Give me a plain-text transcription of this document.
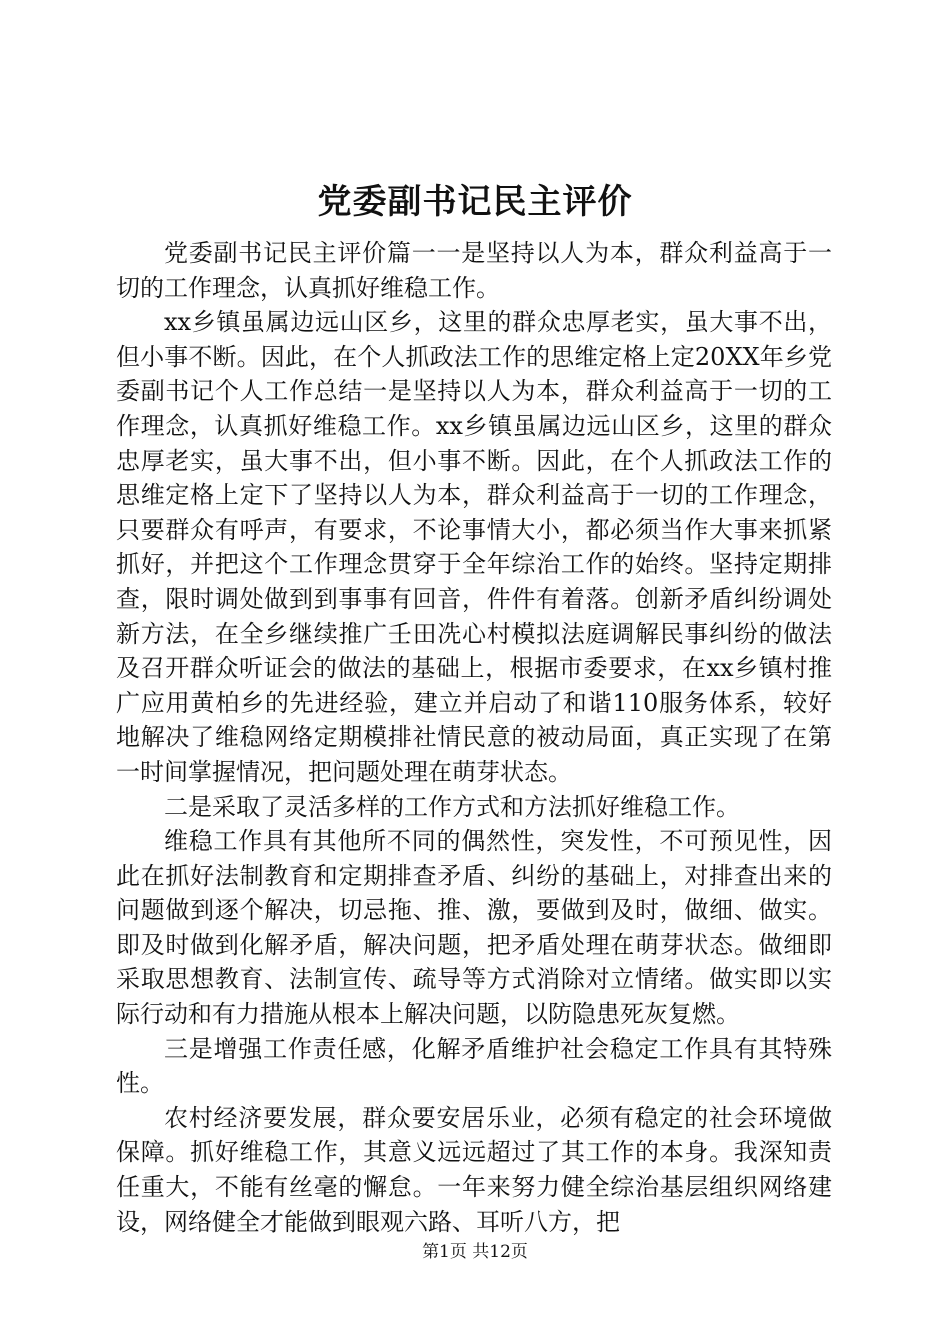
党委副书记民主评价

党委副书记民主评价篇一一是坚持以人为本，群众利益高于一切的工作理念，认真抓好维稳工作。

xx乡镇虽属边远山区乡，这里的群众忠厚老实，虽大事不出，但小事不断。因此，在个人抓政法工作的思维定格上定20XX年乡党委副书记个人工作总结一是坚持以人为本，群众利益高于一切的工作理念，认真抓好维稳工作。xx乡镇虽属边远山区乡，这里的群众忠厚老实，虽大事不出，但小事不断。因此，在个人抓政法工作的思维定格上定下了坚持以人为本，群众利益高于一切的工作理念，只要群众有呼声，有要求，不论事情大小，都必须当作大事来抓紧抓好，并把这个工作理念贯穿于全年综治工作的始终。坚持定期排查，限时调处做到到事事有回音，件件有着落。创新矛盾纠纷调处新方法，在全乡继续推广壬田冼心村模拟法庭调解民事纠纷的做法及召开群众听证会的做法的基础上，根据市委要求，在xx乡镇村推广应用黄柏乡的先进经验，建立并启动了和谐110服务体系，较好地解决了维稳网络定期模排社情民意的被动局面，真正实现了在第一时间掌握情况，把问题处理在萌芽状态。

二是采取了灵活多样的工作方式和方法抓好维稳工作。

维稳工作具有其他所不同的偶然性，突发性，不可预见性，因此在抓好法制教育和定期排查矛盾、纠纷的基础上，对排查出来的问题做到逐个解决，切忌拖、推、激，要做到及时，做细、做实。即及时做到化解矛盾，解决问题，把矛盾处理在萌芽状态。做细即采取思想教育、法制宣传、疏导等方式消除对立情绪。做实即以实际行动和有力措施从根本上解决问题，以防隐患死灰复燃。

三是增强工作责任感，化解矛盾维护社会稳定工作具有其特殊性。

农村经济要发展，群众要安居乐业，必须有稳定的社会环境做保障。抓好维稳工作，其意义远远超过了其工作的本身。我深知责任重大，不能有丝毫的懈怠。一年来努力健全综治基层组织网络建设，网络健全才能做到眼观六路、耳听八方，把

第1页 共12页
